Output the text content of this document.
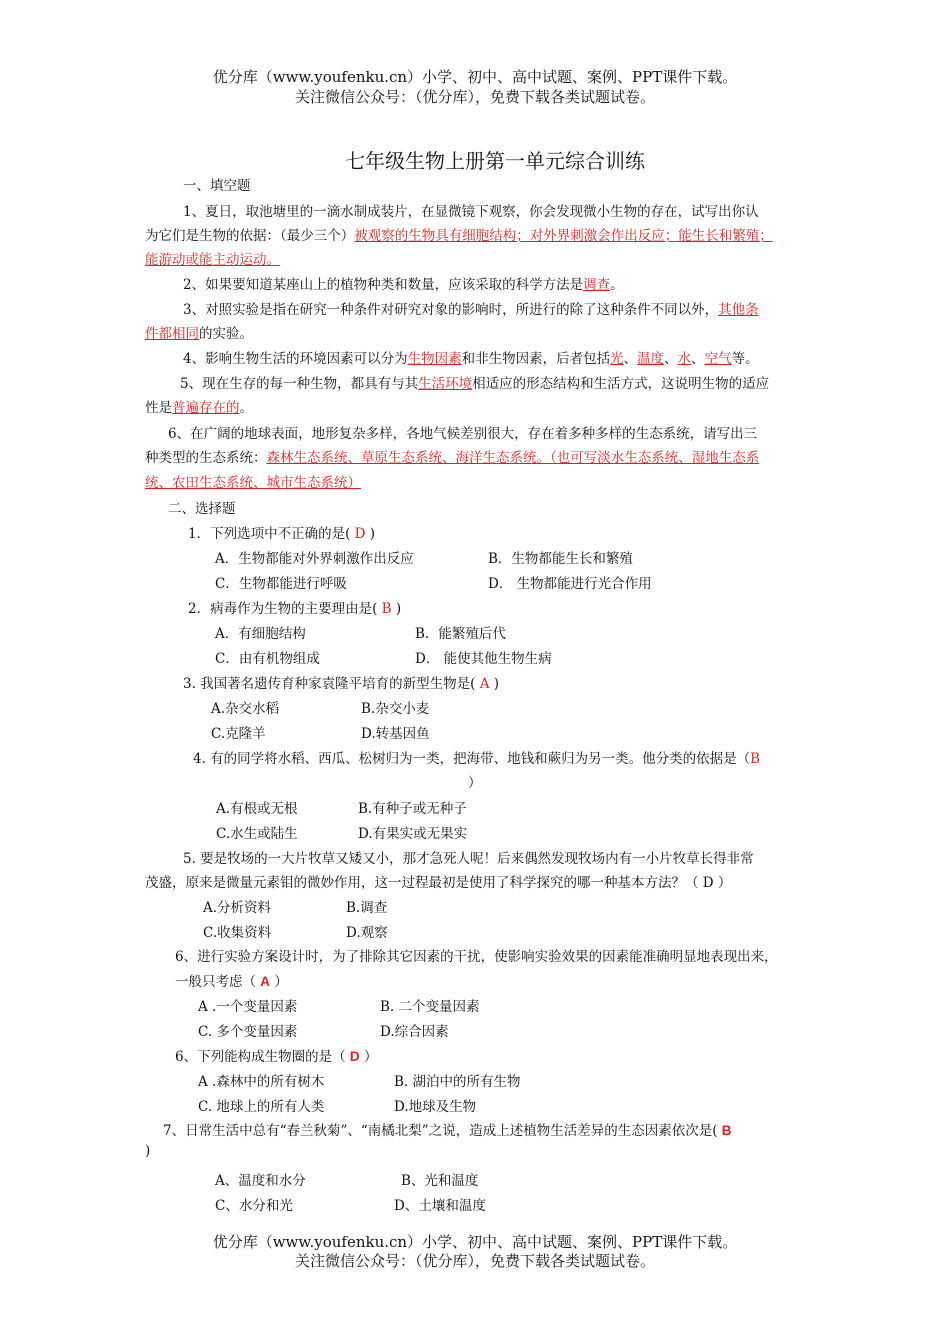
优分库（www.youfenku.cn）小学、初中、高中试题、案例、PPT课件下载。
关注微信公众号：（优分库），免费下载各类试题试卷。
七年级生物上册第一单元综合训练
一、填空题
1、夏日，取池塘里的一滴水制成装片，在显微镜下观察，你会发现微小生物的存在，试写出你认
为它们是生物的依据：（最少三个）被观察的生物具有细胞结构；对外界刺激会作出反应；能生长和繁殖；
能游动或能主动运动。
2、如果要知道某座山上的植物种类和数量，应该采取的科学方法是调查。
3、对照实验是指在研究一种条件对研究对象的影响时，所进行的除了这种条件不同以外，其他条
件都相同的实验。
4、影响生物生活的环境因素可以分为生物因素和非生物因素，后者包括光、温度、水、空气等。
5、现在生存的每一种生物，都具有与其生活环境相适应的形态结构和生活方式，这说明生物的适应
性是普遍存在的。
6、在广阔的地球表面，地形复杂多样，各地气候差别很大，存在着多种多样的生态系统，请写出三
种类型的生态系统：森林生态系统、草原生态系统、海洋生态系统。（也可写淡水生态系统、湿地生态系
统、农田生态系统、城市生态系统）
二、选择题
1．下列选项中不正确的是( D )
A．生物都能对外界刺激作出反应	B．生物都能生长和繁殖
C．生物都能进行呼吸	D． 生物都能进行光合作用
2．病毒作为生物的主要理由是( B )
A．有细胞结构	B．能繁殖后代
C．由有机物组成	D． 能使其他生物生病
3. 我国著名遗传育种家袁隆平培育的新型生物是( A )
A.杂交水稻	B.杂交小麦
C.克隆羊	D.转基因鱼
4. 有的同学将水稻、西瓜、松树归为一类，把海带、地钱和蕨归为另一类。他分类的依据是（B
）
A.有根或无根	B.有种子或无种子
C.水生或陆生	D.有果实或无果实
5. 要是牧场的一大片牧草又矮又小，那才急死人呢！后来偶然发现牧场内有一小片牧草长得非常
茂盛，原来是微量元素钼的微妙作用，这一过程最初是使用了科学探究的哪一种基本方法？（ D ）
A.分析资料	B.调查
C.收集资料	D.观察
6、进行实验方案设计时，为了排除其它因素的干扰，使影响实验效果的因素能准确明显地表现出来，
一般只考虑（ A ）
A .一个变量因素	B. 二个变量因素
C. 多个变量因素	D.综合因素
6、下列能构成生物圈的是（ D ）
A .森林中的所有树木	B. 湖泊中的所有生物
C. 地球上的所有人类	D.地球及生物
7、日常生活中总有“春兰秋菊”、“南橘北梨”之说，造成上述植物生活差异的生态因素依次是( B
)
A、温度和水分	B、光和温度
C、水分和光	D、土壤和温度
优分库（www.youfenku.cn）小学、初中、高中试题、案例、PPT课件下载。
关注微信公众号：（优分库），免费下载各类试题试卷。
